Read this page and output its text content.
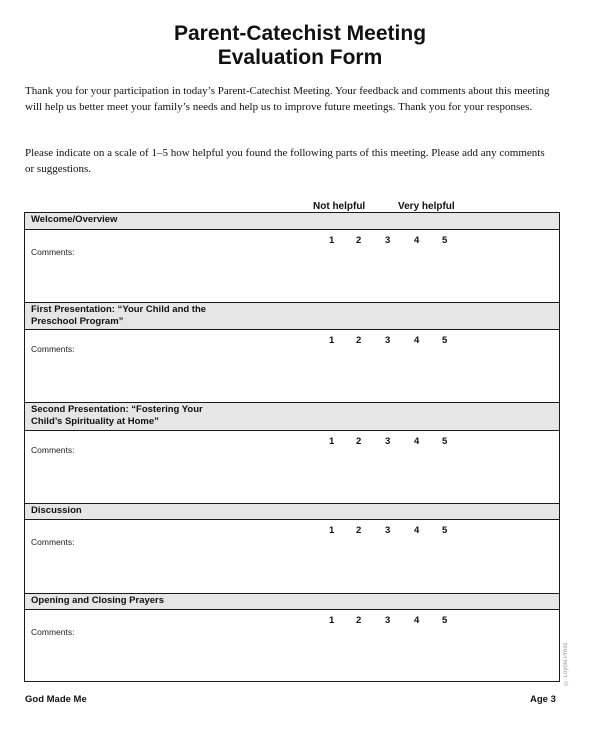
Parent-Catechist Meeting
Evaluation Form

Thank you for your participation in today’s Parent-Catechist Meeting. Your feedback and comments about this meeting will help us better meet your family’s needs and help us to improve future meetings. Thank you for your responses.

Please indicate on a scale of 1–5 how helpful you found the following parts of this meeting. Please add any comments or suggestions.

Not helpful	Very helpful
Welcome/Overview
1 2 3 4 5
Comments:
First Presentation: “Your Child and the
Preschool Program”
1 2 3 4 5
Comments:
Second Presentation: “Fostering Your
Child’s Spirituality at Home”
1 2 3 4 5
Comments:
Discussion
1 2 3 4 5
Comments:
Opening and Closing Prayers
1 2 3 4 5
Comments:
© Loyola Press
God Made Me	Age 3
